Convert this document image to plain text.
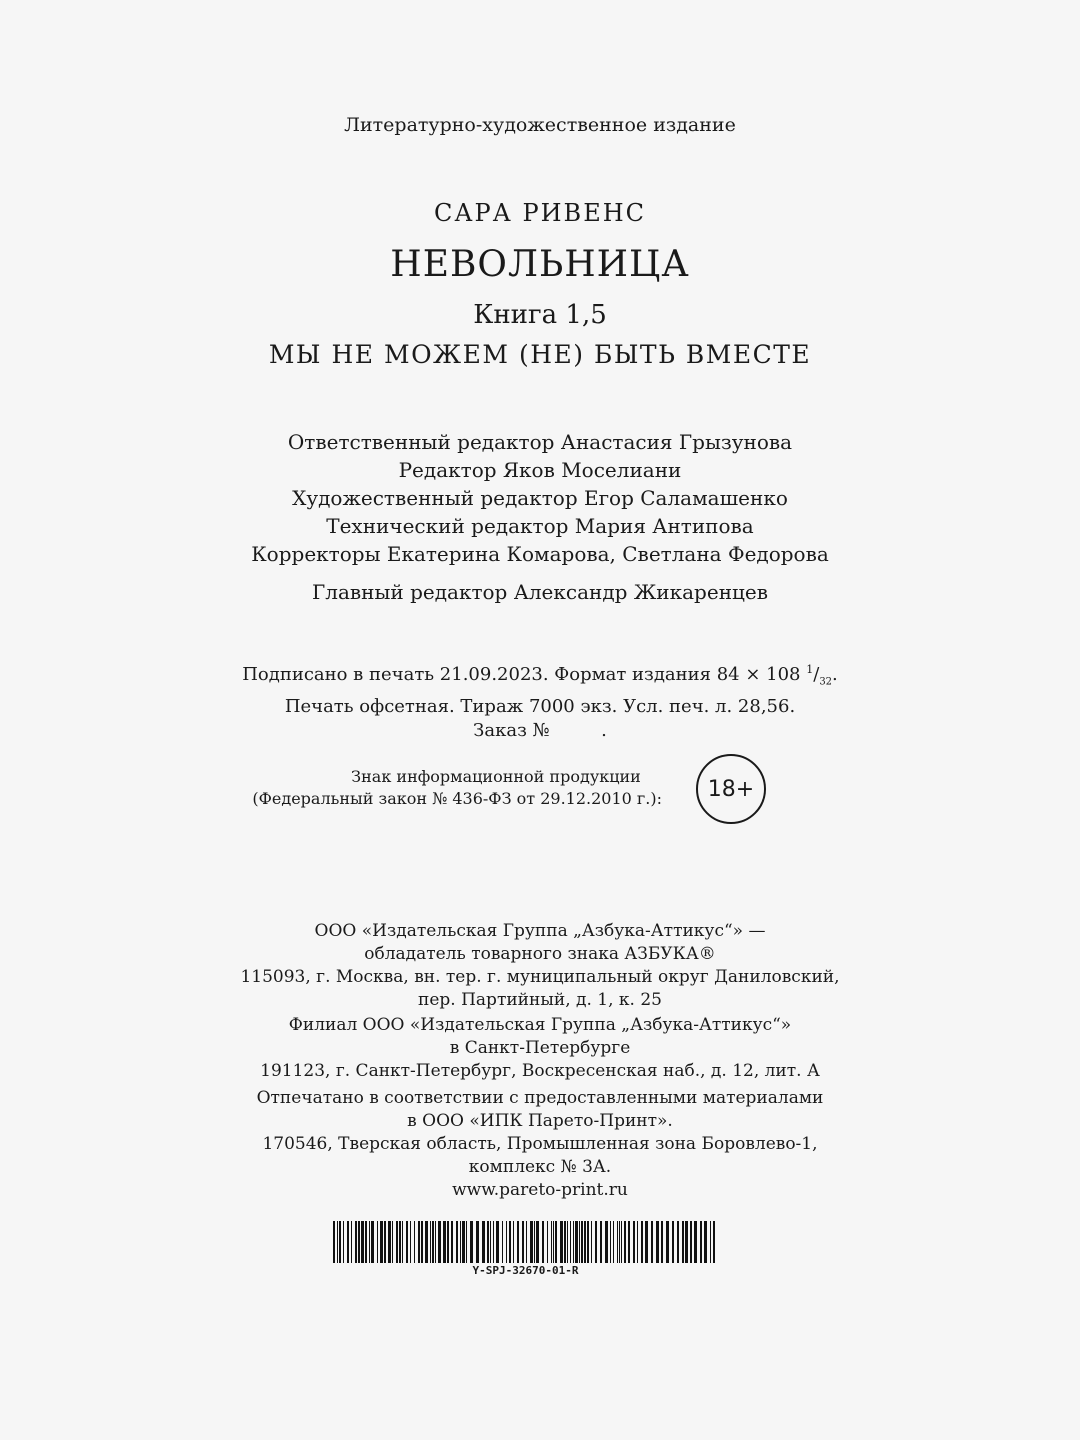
Литературно-художественное издание
САРА РИВЕНС
НЕВОЛЬНИЦА
Книга 1,5
МЫ НЕ МОЖЕМ (НЕ) БЫТЬ ВМЕСТЕ
Ответственный редактор Анастасия Грызунова
Редактор Яков Моселиани
Художественный редактор Егор Саламашенко
Технический редактор Мария Антипова
Корректоры Екатерина Комарова, Светлана Федорова
Главный редактор Александр Жикаренцев
Подписано в печать 21.09.2023. Формат издания 84 × 108 $^1/_{32}$.
Печать офсетная. Тираж 7000 экз. Усл. печ. л. 28,56.
Заказ №         .
Знак информационной продукции
(Федеральный закон № 436-ФЗ от 29.12.2010 г.):	18+
ООО «Издательская Группа „Азбука-Аттикус“» —
обладатель товарного знака АЗБУКА®
115093, г. Москва, вн. тер. г. муниципальный округ Даниловский,
пер. Партийный, д. 1, к. 25
Филиал ООО «Издательская Группа „Азбука-Аттикус“»
в Санкт-Петербурге
191123, г. Санкт-Петербург, Воскресенская наб., д. 12, лит. А
Отпечатано в соответствии с предоставленными материалами
в ООО «ИПК Парето-Принт».
170546, Тверская область, Промышленная зона Боровлево-1,
комплекс № 3А.
www.pareto-print.ru
Y-SPJ-32670-01-R
